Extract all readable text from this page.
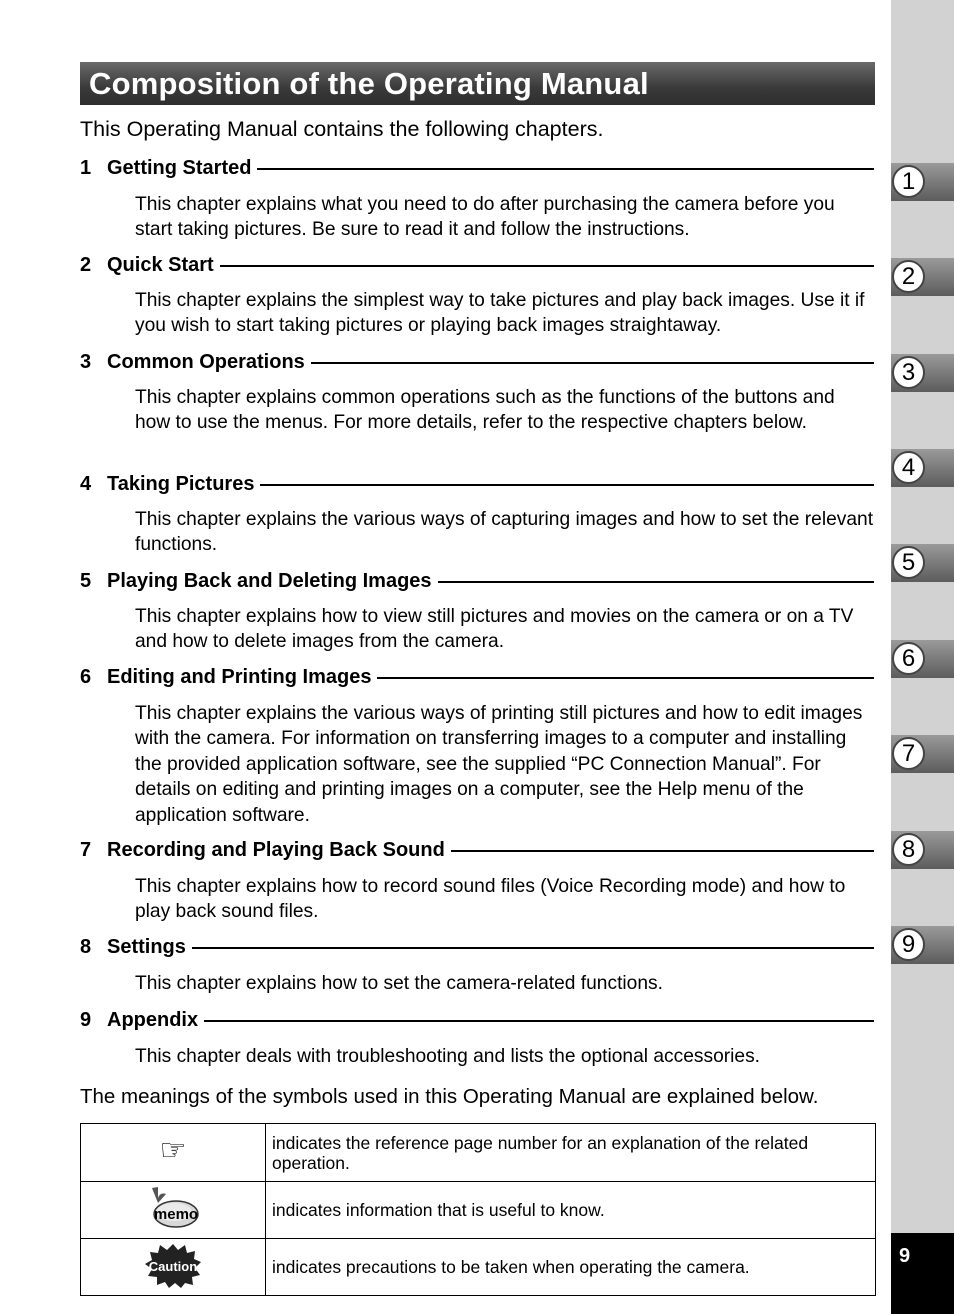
Composition of the Operating Manual

This Operating Manual contains the following chapters.

1 Getting Started

This chapter explains what you need to do after purchasing the camera before you start taking pictures. Be sure to read it and follow the instructions.

2 Quick Start

This chapter explains the simplest way to take pictures and play back images. Use it if you wish to start taking pictures or playing back images straightaway.

3 Common Operations

This chapter explains common operations such as the functions of the buttons and how to use the menus. For more details, refer to the respective chapters below.

4 Taking Pictures

This chapter explains the various ways of capturing images and how to set the relevant functions.

5 Playing Back and Deleting Images

This chapter explains how to view still pictures and movies on the camera or on a TV and how to delete images from the camera.

6 Editing and Printing Images

This chapter explains the various ways of printing still pictures and how to edit images with the camera. For information on transferring images to a computer and installing the provided application software, see the supplied “PC Connection Manual”. For details on editing and printing images on a computer, see the Help menu of the application software.

7 Recording and Playing Back Sound

This chapter explains how to record sound files (Voice Recording mode) and how to play back sound files.

8 Settings

This chapter explains how to set the camera-related functions.

9 Appendix

This chapter deals with troubleshooting and lists the optional accessories.

The meanings of the symbols used in this Operating Manual are explained below.

☞	indicates the reference page number for an explanation of the related operation.

memo	indicates information that is useful to know.

Caution	indicates precautions to be taken when operating the camera.
1
2
3
4
5
6
7
8
9
9
